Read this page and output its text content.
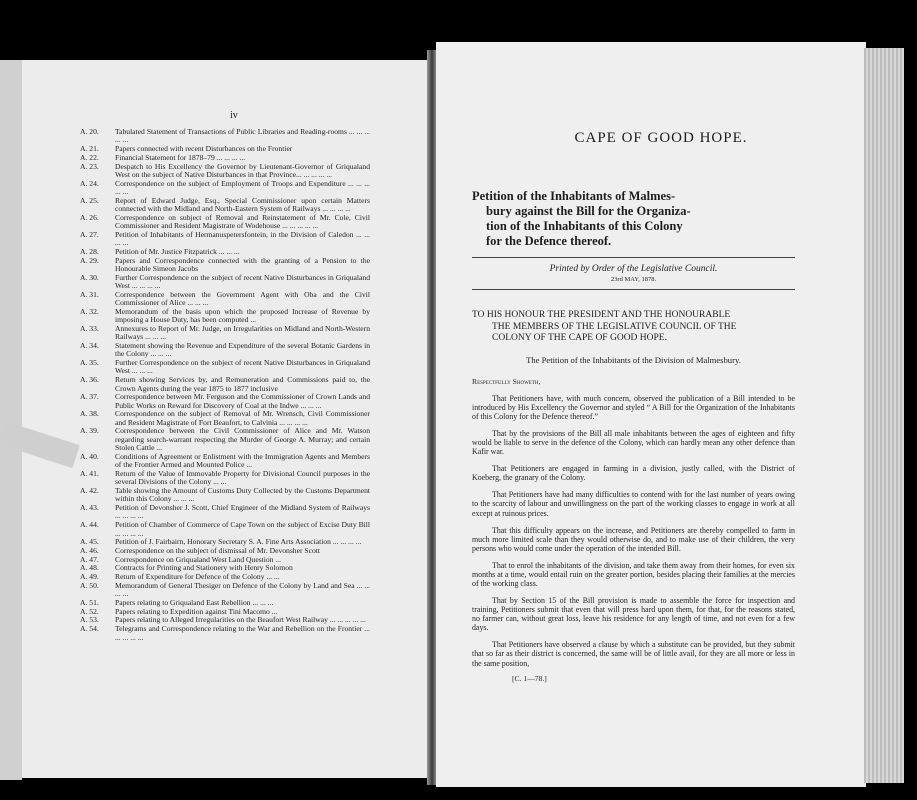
iv
A. 20.	Tabulated Statement of Transactions of Public Libraries and Reading-rooms ... ... ... ... ...
A. 21.	Papers connected with recent Disturbances on the Frontier
A. 22.	Financial Statement for 1878–79 ... ... ... ...
A. 23.	Despatch to His Excellency the Governor by Lieutenant-Governor of Griqualand West on the subject of Native Disturbances in that Province... ... ... ... ...
A. 24.	Correspondence on the subject of Employment of Troops and Expenditure ... ... ... ... ...
A. 25.	Report of Edward Judge, Esq., Special Commissioner upon certain Matters connected with the Midland and North-Eastern System of Railways ... ... ... ...
A. 26.	Correspondence on subject of Removal and Reinstatement of Mr. Cole, Civil Commissioner and Resident Magistrate of Wodehouse ... ... ... ... ...
A. 27.	Petition of Inhabitants of Hermanuspetersfontein, in the Division of Caledon ... ... ... ...
A. 28.	Petition of Mr. Justice Fitzpatrick ... ... ...
A. 29.	Papers and Correspondence connected with the granting of a Pension to the Honourable Simeon Jacobs
A. 30.	Further Correspondence on the subject of recent Native Disturbances in Griqualand West ... ... ... ...
A. 31.	Correspondence between the Government Agent with Oba and the Civil Commissioner of Alice ... ... ...
A. 32.	Memorandum of the basis upon which the proposed Increase of Revenue by imposing a House Duty, has been computed ...
A. 33.	Annexures to Report of Mr. Judge, on Irregularities on Midland and North-Western Railways ... ... ...
A. 34.	Statement showing the Revenue and Expenditure of the several Botanic Gardens in the Colony ... ... ...
A. 35.	Further Correspondence on the subject of recent Native Disturbances in Griqualand West ... ... ...
A. 36.	Return showing Services by, and Remuneration and Commissions paid to, the Crown Agents during the year 1875 to 1877 inclusive
A. 37.	Correspondence between Mr. Ferguson and the Commissioner of Crown Lands and Public Works on Reward for Discovery of Coal at the Indwe ... ... ...
A. 38.	Correspondence on the subject of Removal of Mr. Wrensch, Civil Commissioner and Resident Magistrate of Fort Beaufort, to Calvinia ... ... ... ...
A. 39.	Correspondence between the Civil Commissioner of Alice and Mr. Watson regarding search-warrant respecting the Murder of George A. Murray; and certain Stolen Cattle ...
A. 40.	Conditions of Agreement or Enlistment with the Immigration Agents and Members of the Frontier Armed and Mounted Police ...
A. 41.	Return of the Value of Immovable Property for Divisional Council purposes in the several Divisions of the Colony ... ...
A. 42.	Table showing the Amount of Customs Duty Collected by the Customs Department within this Colony ... ... ...
A. 43.	Petition of Devonsher J. Scott, Chief Engineer of the Midland System of Railways ... ... ... ...
A. 44.	Petition of Chamber of Commerce of Cape Town on the subject of Excise Duty Bill ... ... ... ...
A. 45.	Petition of J. Fairbairn, Honorary Secretary S. A. Fine Arts Association ... ... ... ...
A. 46.	Correspondence on the subject of dismissal of Mr. Devonsher Scott
A. 47.	Correspondence on Griqualand West Land Question ...
A. 48.	Contracts for Printing and Stationery with Henry Solomon
A. 49.	Return of Expenditure for Defence of the Colony ... ...
A. 50.	Memorandum of General Thesiger on Defence of the Colony by Land and Sea ... ... ... ...
A. 51.	Papers relating to Griqualand East Rebellion ... ... ...
A. 52.	Papers relating to Expedition against Tini Macomo ...
A. 53.	Papers relating to Alleged Irregularities on the Beaufort West Railway ... ... ... ... ...
A. 54.	Telegrams and Correspondence relating to the War and Rebellion on the Frontier ... ... ... ... ...
CAPE OF GOOD HOPE.
Petition of the Inhabitants of Malmes-
bury against the Bill for the Organiza-
tion of the Inhabitants of this Colony
for the Defence thereof.
Printed by Order of the Legislative Council.
23rd MAY, 1878.
TO HIS HONOUR THE PRESIDENT AND THE HONOURABLE
THE MEMBERS OF THE LEGISLATIVE COUNCIL OF THE
COLONY OF THE CAPE OF GOOD HOPE.
The Petition of the Inhabitants of the Division of Malmesbury.
Respectfully Showeth,
That Petitioners have, with much concern, observed the publication of a Bill intended to be introduced by His Excellency the Governor and styled “ A Bill for the Organization of the Inhabitants of this Colony for the Defence thereof.”
That by the provisions of the Bill all male inhabitants between the ages of eighteen and fifty would be liable to serve in the defence of the Colony, which can hardly mean any other defence than Kafir war.
That Petitioners are engaged in farming in a division, justly called, with the District of Koeberg, the granary of the Colony.
That Petitioners have had many difficulties to contend with for the last number of years owing to the scarcity of labour and unwillingness on the part of the working classes to engage in work at all except at ruinous prices.
That this difficulty appears on the increase, and Petitioners are thereby compelled to farm in much more limited scale than they would otherwise do, and to make use of their children, the very persons who would come under the operation of the intended Bill.
That to enrol the inhabitants of the division, and take them away from their homes, for even six months at a time, would entail ruin on the greater portion, besides placing their families at the mercies of the working class.
That by Section 15 of the Bill provision is made to assemble the force for inspection and training, Petitioners submit that even that will press hard upon them, for that, for the reasons stated, no farmer can, without great loss, leave his residence for any length of time, and not even for a few days.
That Petitioners have observed a clause by which a substitute can be provided, but they submit that so far as their district is concerned, the same will be of little avail, for they are all more or less in the same position,
[C. 1—78.]
